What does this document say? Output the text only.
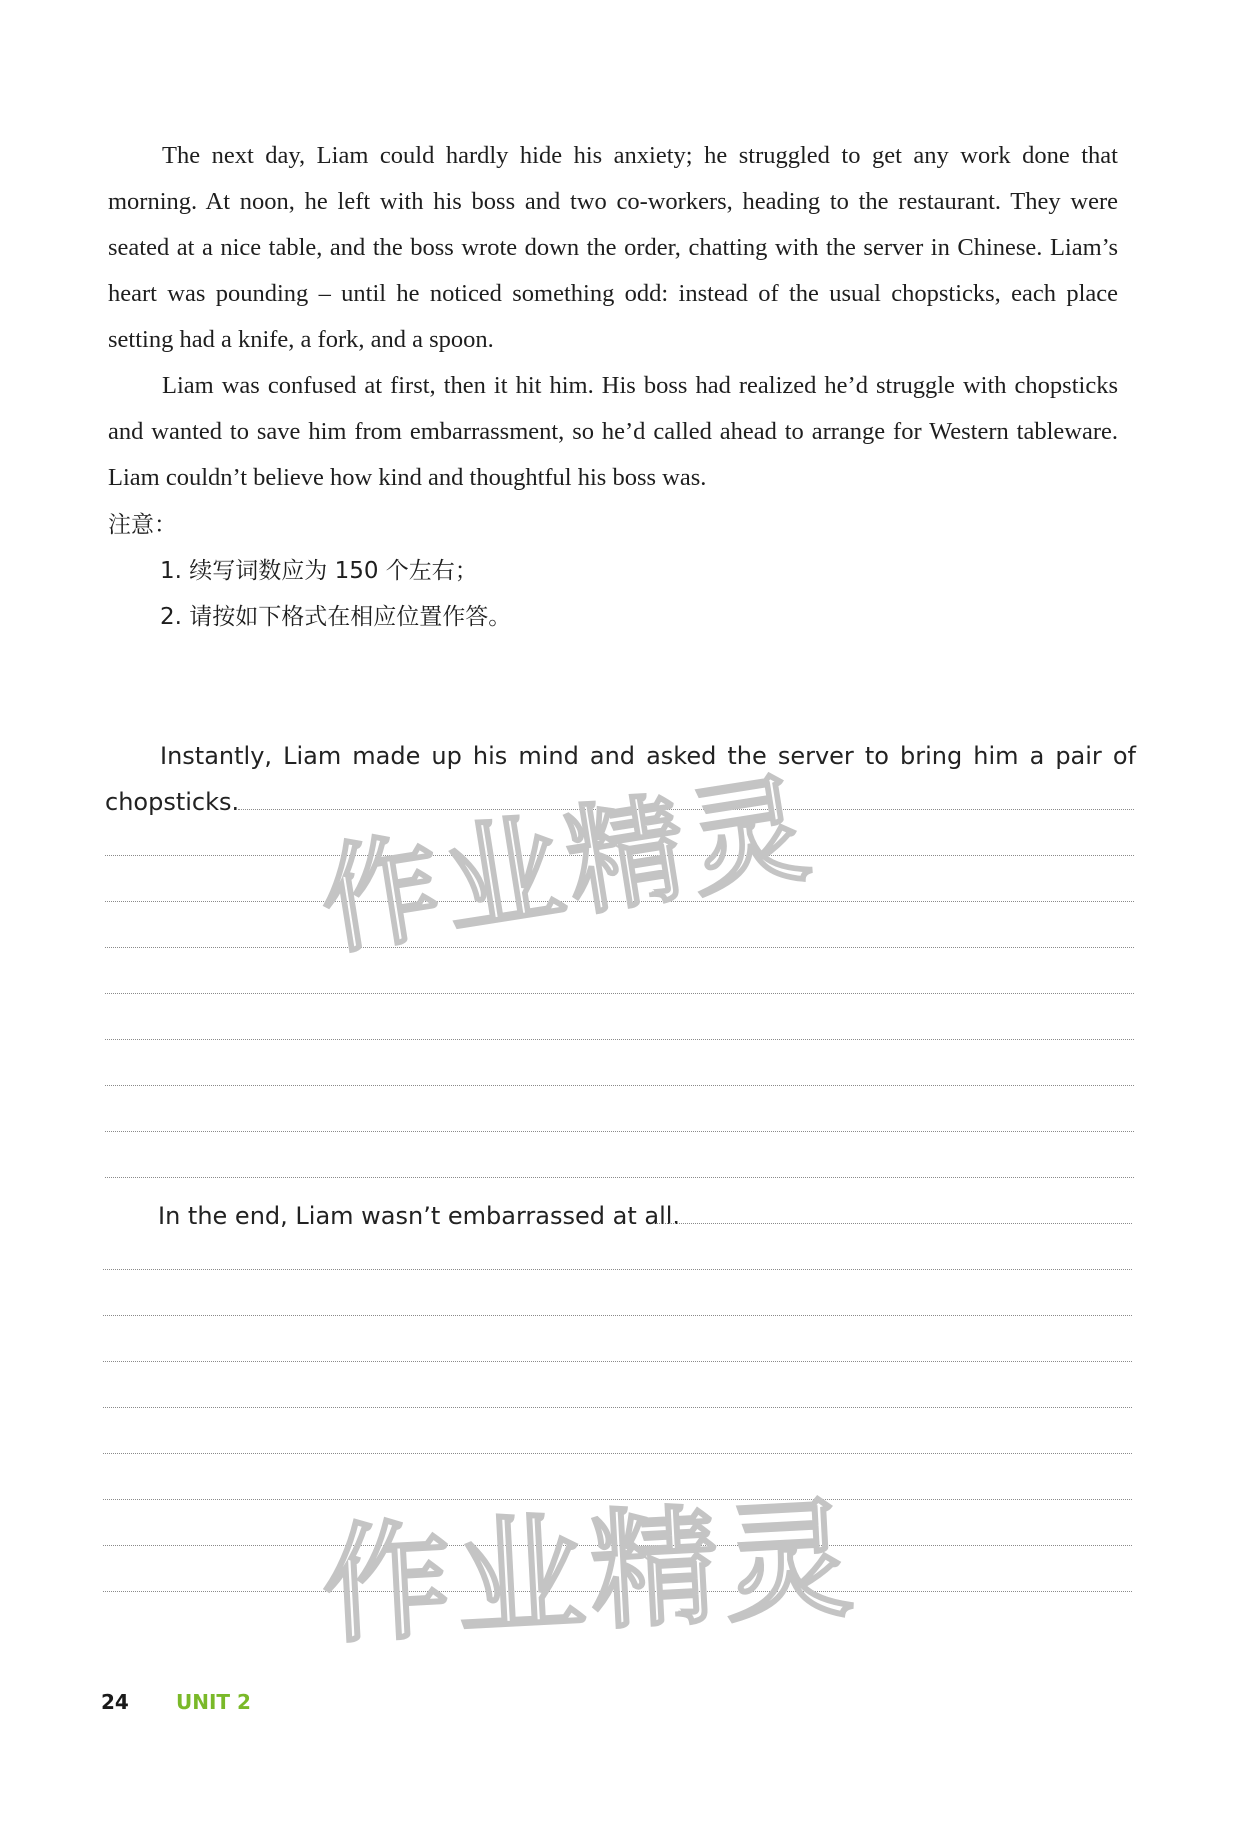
The next day, Liam could hardly hide his anxiety; he struggled to get any work done that morning. At noon, he left with his boss and two co-workers, heading to the restaurant. They were seated at a nice table, and the boss wrote down the order, chatting with the server in Chinese. Liam’s heart was pounding – until he noticed something odd: instead of the usual chopsticks, each place setting had a knife, a fork, and a spoon.

Liam was confused at first, then it hit him. His boss had realized he’d struggle with chopsticks and wanted to save him from embarrassment, so he’d called ahead to arrange for Western tableware. Liam couldn’t believe how kind and thoughtful his boss was.

注意：
1. 续写词数应为 150 个左右；
2. 请按如下格式在相应位置作答。
Instantly, Liam made up his mind and asked the server to bring him a pair of
chopsticks.
In the end, Liam wasn’t embarrassed at all.
作业精灵
作业精灵
24 UNIT 2
